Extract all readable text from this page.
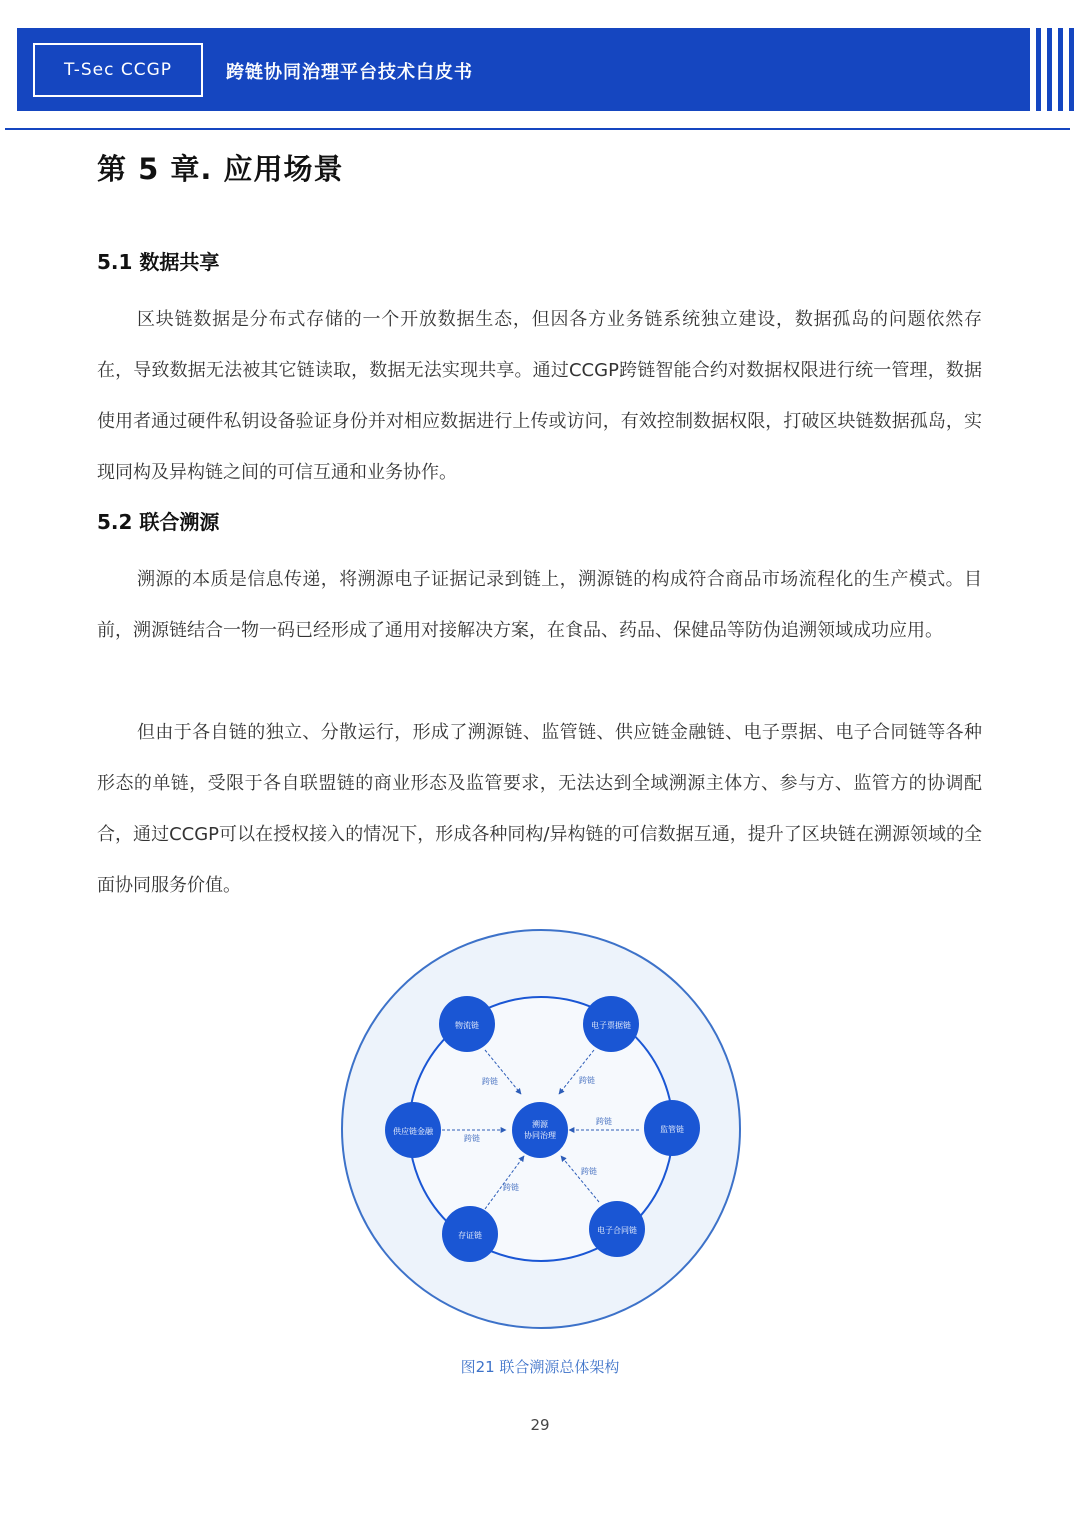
T-Sec CCGP	跨链协同治理平台技术白皮书
第 5 章. 应用场景
5.1 数据共享

区块链数据是分布式存储的一个开放数据生态，但因各方业务链系统独立建设，数据孤岛的问题依然存在，导致数据无法被其它链读取，数据无法实现共享。通过CCGP跨链智能合约对数据权限进行统一管理，数据使用者通过硬件私钥设备验证身份并对相应数据进行上传或访问，有效控制数据权限，打破区块链数据孤岛，实现同构及异构链之间的可信互通和业务协作。

5.2 联合溯源

溯源的本质是信息传递，将溯源电子证据记录到链上，溯源链的构成符合商品市场流程化的生产模式。目前，溯源链结合一物一码已经形成了通用对接解决方案，在食品、药品、保健品等防伪追溯领域成功应用。

但由于各自链的独立、分散运行，形成了溯源链、监管链、供应链金融链、电子票据、电子合同链等各种形态的单链，受限于各自联盟链的商业形态及监管要求，无法达到全域溯源主体方、参与方、监管方的协调配合，通过CCGP可以在授权接入的情况下，形成各种同构/异构链的可信数据互通，提升了区块链在溯源领域的全面协同服务价值。

跨链	跨链
跨链
跨链
跨链
跨链
溯源
协同治理
物流链	电子票据链
供应链金融	监管链
存证链
电子合同链
图21 联合溯源总体架构
29
